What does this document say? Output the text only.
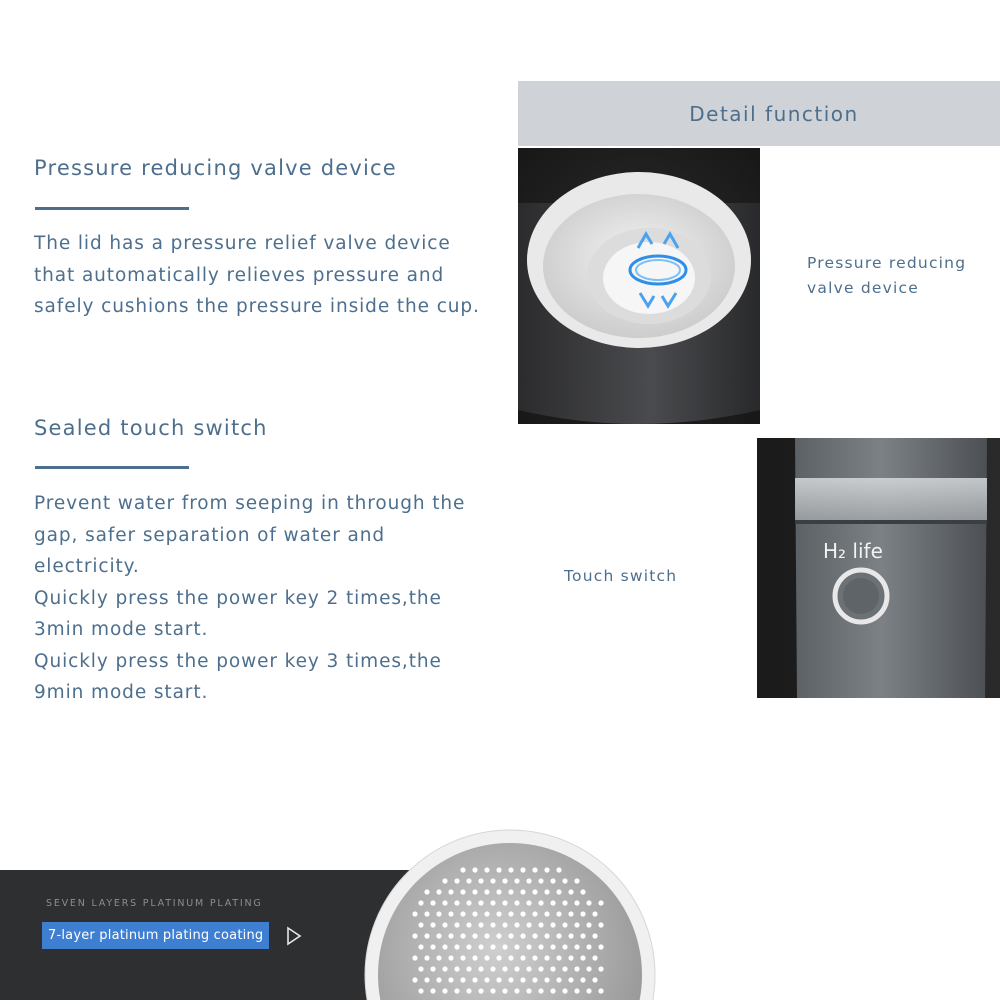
Pressure reducing valve device
The lid has a pressure relief valve device
that automatically relieves pressure and
safely cushions the pressure inside the cup.
Sealed touch switch
Prevent water from seeping in through the
gap, safer separation of water and
electricity.
Quickly press the power key 2 times,the
3min mode start.
Quickly press the power key 3 times,the
9min mode start.
Detail function
Pressure reducing
valve device
H₂ life
Touch switch
SEVEN LAYERS PLATINUM PLATING
7-layer platinum plating coating
